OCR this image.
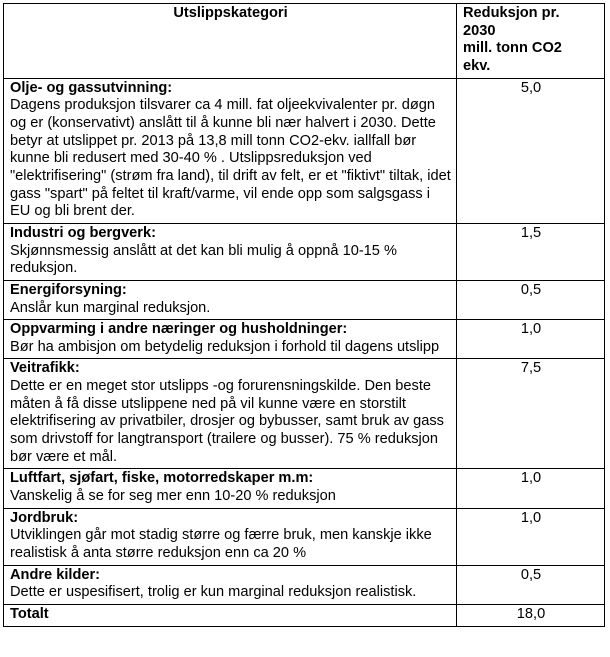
Utslippskategori	Reduksjon pr.
2030
mill. tonn CO2
ekv.

Olje- og gassutvinning:
Dagens produksjon tilsvarer ca 4 mill. fat oljeekvivalenter pr. døgn og er (konservativt) anslått til å kunne bli nær halvert i 2030. Dette betyr at utslippet pr. 2013 på 13,8 mill tonn CO2-ekv. iallfall bør kunne bli redusert med 30-40 % . Utslippsreduksjon ved "elektrifisering" (strøm fra land), til drift av felt, er et "fiktivt" tiltak, idet gass "spart" på feltet til kraft/varme, vil ende opp som salgsgass i EU og bli brent der.	5,0

Industri og bergverk:
Skjønnsmessig anslått at det kan bli mulig å oppnå 10-15 % reduksjon.	1,5

Energiforsyning:
Anslår kun marginal reduksjon.	0,5

Oppvarming i andre næringer og husholdninger:
Bør ha ambisjon om betydelig reduksjon i forhold til dagens utslipp	1,0

Veitrafikk:
Dette er en meget stor utslipps -og forurensningskilde. Den beste måten å få disse utslippene ned på vil kunne være en storstilt elektrifisering av privatbiler, drosjer og bybusser, samt bruk av gass som drivstoff for langtransport (trailere og busser). 75 % reduksjon bør være et mål.	7,5

Luftfart, sjøfart, fiske, motorredskaper m.m:
Vanskelig å se for seg mer enn 10-20 % reduksjon	1,0

Jordbruk:
Utviklingen går mot stadig større og færre bruk, men kanskje ikke realistisk å anta større reduksjon enn ca 20 %	1,0

Andre kilder:
Dette er uspesifisert, trolig er kun marginal reduksjon realistisk.	0,5
Totalt	18,0
